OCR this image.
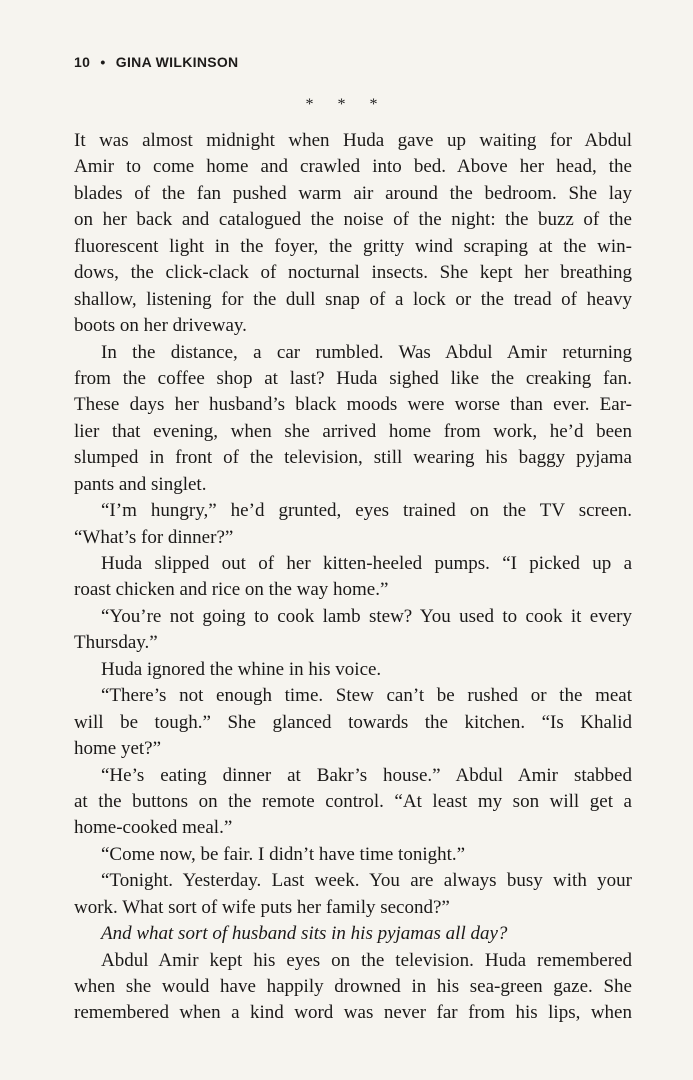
10 • GINA WILKINSON
* * *
It was almost midnight when Huda gave up waiting for Abdul
Amir to come home and crawled into bed. Above her head, the
blades of the fan pushed warm air around the bedroom. She lay
on her back and catalogued the noise of the night: the buzz of the
fluorescent light in the foyer, the gritty wind scraping at the win-
dows, the click-clack of nocturnal insects. She kept her breathing
shallow, listening for the dull snap of a lock or the tread of heavy
boots on her driveway.
In the distance, a car rumbled. Was Abdul Amir returning
from the coffee shop at last? Huda sighed like the creaking fan.
These days her husband’s black moods were worse than ever. Ear-
lier that evening, when she arrived home from work, he’d been
slumped in front of the television, still wearing his baggy pyjama
pants and singlet.
“I’m hungry,” he’d grunted, eyes trained on the TV screen.
“What’s for dinner?”
Huda slipped out of her kitten-heeled pumps. “I picked up a
roast chicken and rice on the way home.”
“You’re not going to cook lamb stew? You used to cook it every
Thursday.”
Huda ignored the whine in his voice.
“There’s not enough time. Stew can’t be rushed or the meat
will be tough.” She glanced towards the kitchen. “Is Khalid
home yet?”
“He’s eating dinner at Bakr’s house.” Abdul Amir stabbed
at the buttons on the remote control. “At least my son will get a
home-cooked meal.”
“Come now, be fair. I didn’t have time tonight.”
“Tonight. Yesterday. Last week. You are always busy with your
work. What sort of wife puts her family second?”
And what sort of husband sits in his pyjamas all day?
Abdul Amir kept his eyes on the television. Huda remembered
when she would have happily drowned in his sea-green gaze. She
remembered when a kind word was never far from his lips, when
